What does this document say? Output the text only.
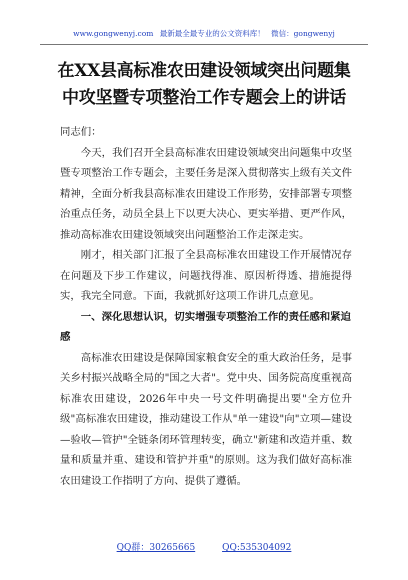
www.gongwenyj.com 最新最全最专业的公文资料库！ 微信：gongwenyj
在XX县高标准农田建设领域突出问题集
中攻坚暨专项整治工作专题会上的讲话

同志们：

今天，我们召开全县高标准农田建设领域突出问题集中攻坚暨专项整治工作专题会，主要任务是深入贯彻落实上级有关文件精神，全面分析我县高标准农田建设工作形势，安排部署专项整治重点任务，动员全县上下以更大决心、更实举措、更严作风，推动高标准农田建设领域突出问题整治工作走深走实。

刚才，相关部门汇报了全县高标准农田建设工作开展情况存在问题及下步工作建议，问题找得准、原因析得透、措施提得实，我完全同意。下面，我就抓好这项工作讲几点意见。

一、深化思想认识，切实增强专项整治工作的责任感和紧迫感

高标准农田建设是保障国家粮食安全的重大政治任务，是事关乡村振兴战略全局的"国之大者"。党中央、国务院高度重视高标准农田建设，2026年中央一号文件明确提出要"全方位升级"高标准农田建设，推动建设工作从"单一建设"向"立项—建设—验收—管护"全链条闭环管理转变，确立"新建和改造并重、数量和质量并重、建设和管护并重"的原则。这为我们做好高标准农田建设工作指明了方向、提供了遵循。

QQ群：30265665	QQ:535304092
